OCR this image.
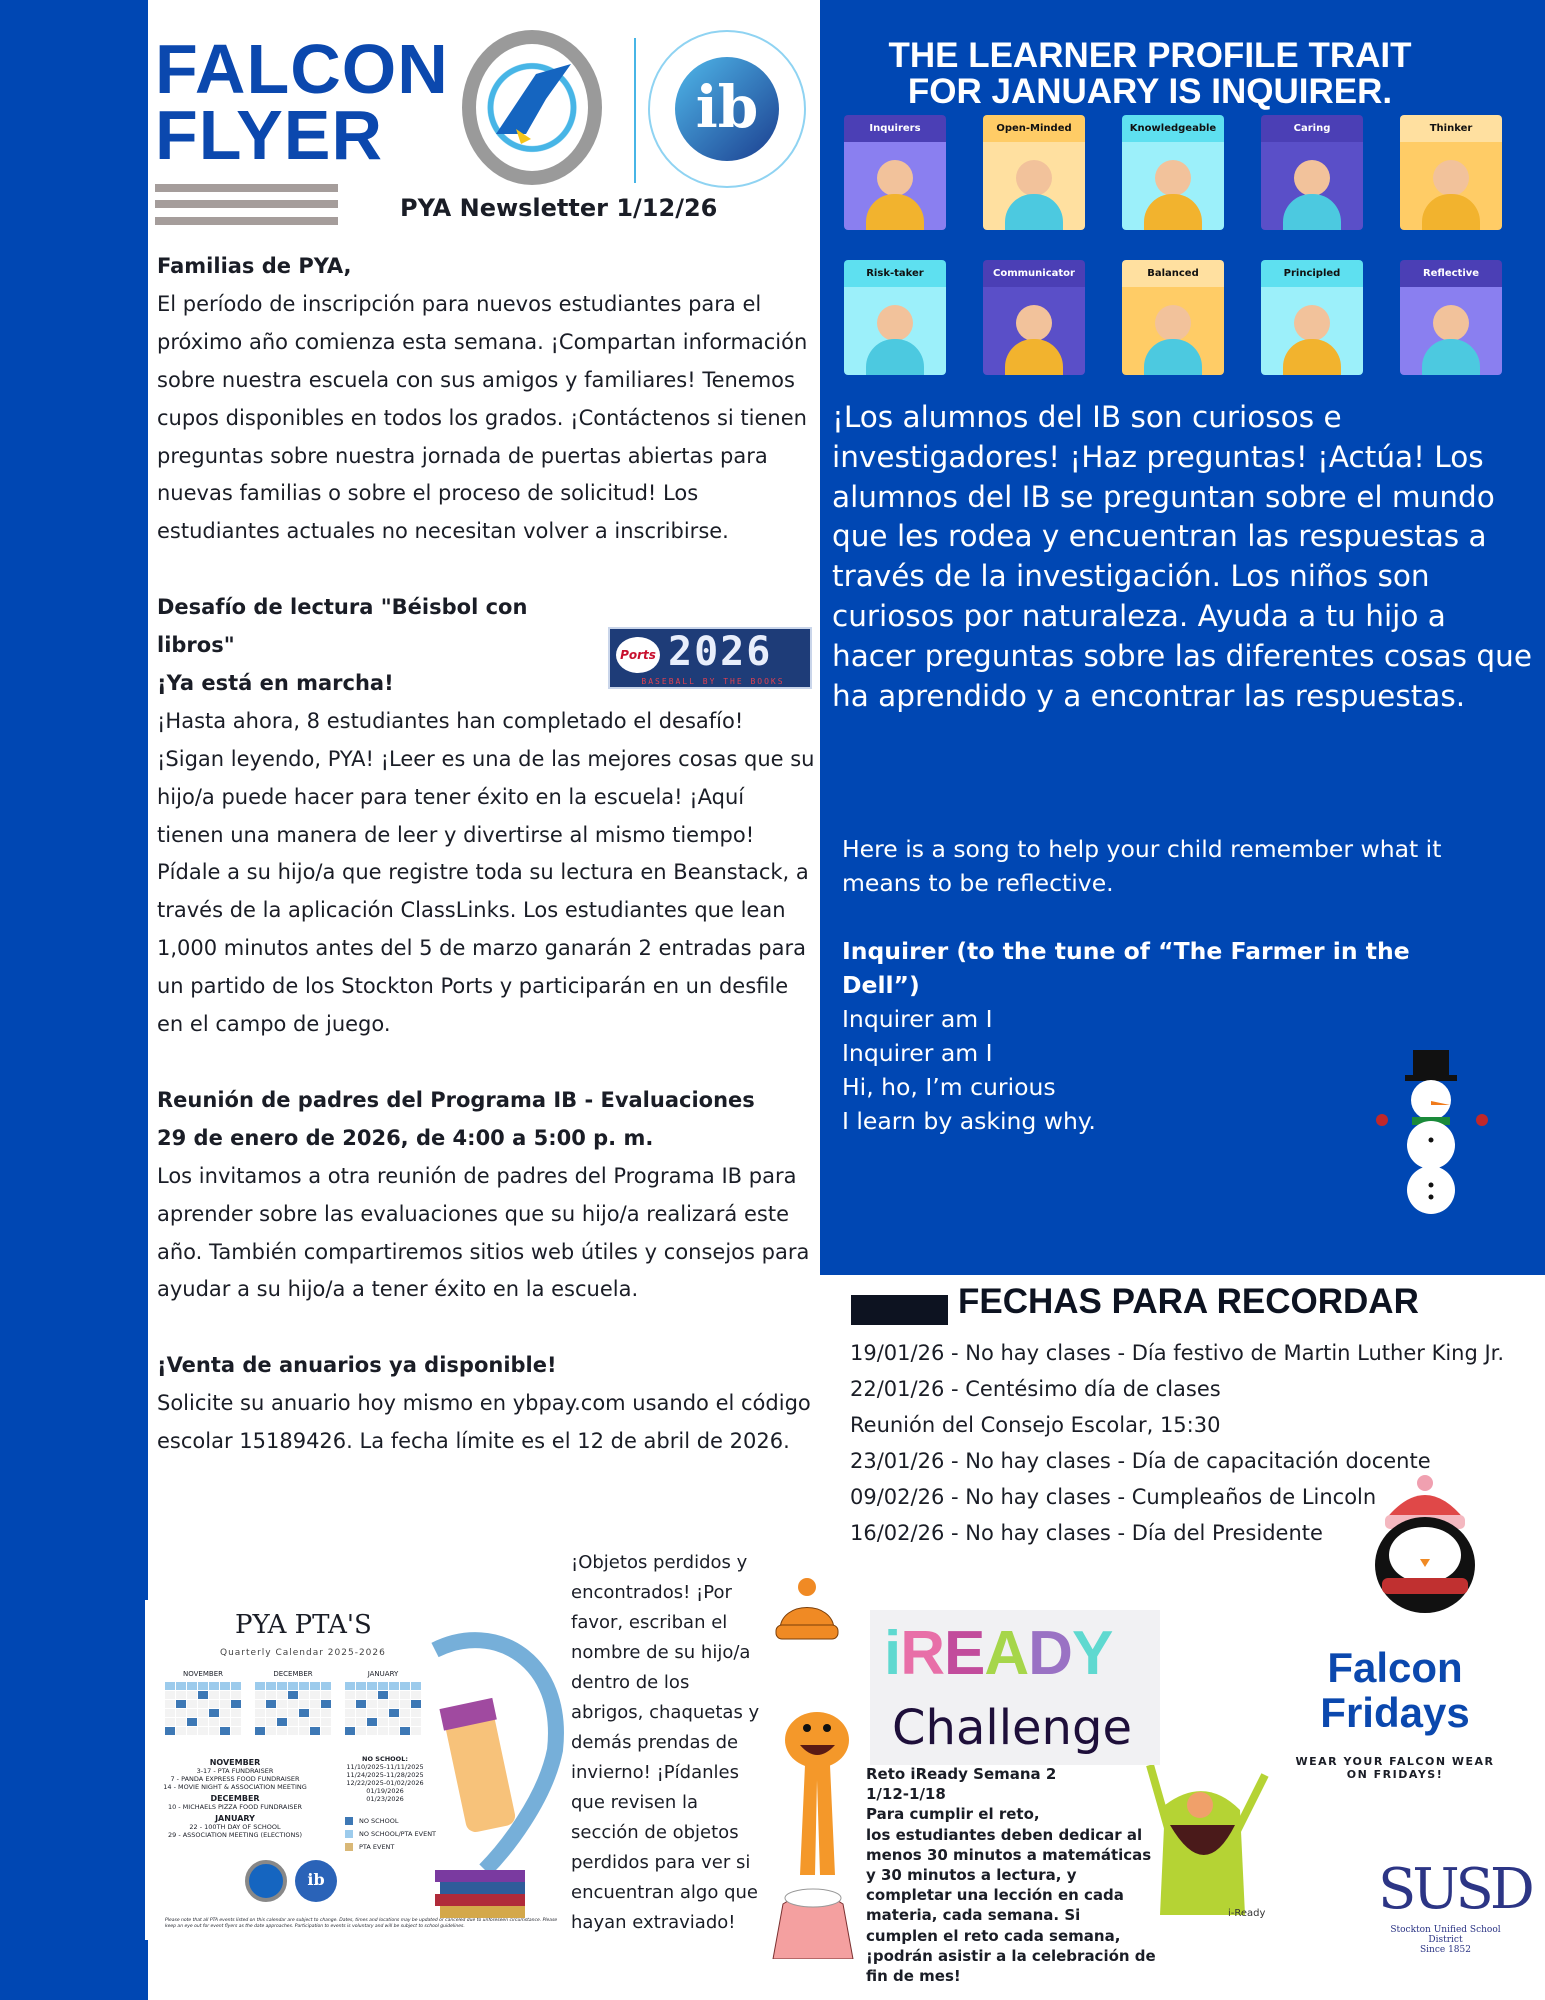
FALCON
FLYER	ib
PYA Newsletter 1/12/26

Familias de PYA,

El período de inscripción para nuevos estudiantes para el próximo año comienza esta semana. ¡Compartan información sobre nuestra escuela con sus amigos y familiares! Tenemos cupos disponibles en todos los grados. ¡Contáctenos si tienen preguntas sobre nuestra jornada de puertas abiertas para nuevas familias o sobre el proceso de solicitud! Los estudiantes actuales no necesitan volver a inscribirse.

Desafío de lectura "Béisbol con libros"

¡Ya está en marcha!

¡Hasta ahora, 8 estudiantes han completado el desafío! ¡Sigan leyendo, PYA! ¡Leer es una de las mejores cosas que su hijo/a puede hacer para tener éxito en la escuela! ¡Aquí tienen una manera de leer y divertirse al mismo tiempo! Pídale a su hijo/a que registre toda su lectura en Beanstack, a través de la aplicación ClassLinks. Los estudiantes que lean 1,000 minutos antes del 5 de marzo ganarán 2 entradas para un partido de los Stockton Ports y participarán en un desfile en el campo de juego.

Reunión de padres del Programa IB - Evaluaciones

29 de enero de 2026, de 4:00 a 5:00 p. m.

Los invitamos a otra reunión de padres del Programa IB para aprender sobre las evaluaciones que su hijo/a realizará este año. También compartiremos sitios web útiles y consejos para ayudar a su hijo/a a tener éxito en la escuela.

¡Venta de anuarios ya disponible!

Solicite su anuario hoy mismo en ybpay.com usando el código escolar 15189426. La fecha límite es el 12 de abril de 2026.

Ports 2026
BASEBALL BY THE BOOKS
PYA PTA'S
Quarterly Calendar 2025-2026
NOVEMBER	DECEMBER	JANUARY
NOVEMBER
3-17 - PTA FUNDRAISER
7 - PANDA EXPRESS FOOD FUNDRAISER
14 - MOVIE NIGHT & ASSOCIATION MEETING
DECEMBER
10 - MICHAELS PIZZA FOOD FUNDRAISER
JANUARY
22 - 100TH DAY OF SCHOOL
29 - ASSOCIATION MEETING (ELECTIONS)
NO SCHOOL:
11/10/2025-11/11/2025
11/24/2025-11/28/2025
12/22/2025-01/02/2026
01/19/2026
01/23/2026
NO SCHOOL
NO SCHOOL/PTA EVENT
PTA EVENT
ib
Please note that all PTA events listed on this calendar are subject to change. Dates, times and locations may be updated or canceled due to unforeseen circumstance. Please keep an eye out for event flyers as the date approaches. Participation to events is voluntary and will be subject to school guidelines.
¡Objetos perdidos y encontrados! ¡Por favor, escriban el nombre de su hijo/a dentro de los abrigos, chaquetas y demás prendas de invierno! ¡Pídanles que revisen la sección de objetos perdidos para ver si encuentran algo que hayan extraviado!
THE LEARNER PROFILE TRAIT
FOR JANUARY IS INQUIRER.
Inquirers	Open-Minded	Knowledgeable	Caring	Thinker
Risk-taker	Communicator	Balanced	Principled	Reflective
¡Los alumnos del IB son curiosos e investigadores! ¡Haz preguntas! ¡Actúa! Los alumnos del IB se preguntan sobre el mundo que les rodea y encuentran las respuestas a través de la investigación. Los niños son curiosos por naturaleza. Ayuda a tu hijo a hacer preguntas sobre las diferentes cosas que ha aprendido y a encontrar las respuestas.
Here is a song to help your child remember what it means to be reflective.
Inquirer (to the tune of “The Farmer in the Dell”)
Inquirer am I
Inquirer am I
Hi, ho, I’m curious
I learn by asking why.
FECHAS PARA RECORDAR
19/01/26 - No hay clases - Día festivo de Martin Luther King Jr.
22/01/26 - Centésimo día de clases
Reunión del Consejo Escolar, 15:30
23/01/26 - No hay clases - Día de capacitación docente
09/02/26 - No hay clases - Cumpleaños de Lincoln
16/02/26 - No hay clases - Día del Presidente
iREADY
Challenge
Reto iReady Semana 2
1/12-1/18
Para cumplir el reto,
los estudiantes deben dedicar al menos 30 minutos a matemáticas y 30 minutos a lectura, y completar una lección en cada materia, cada semana. Si cumplen el reto cada semana, ¡podrán asistir a la celebración de fin de mes!
i-Ready
Falcon
Fridays
WEAR YOUR FALCON WEAR ON FRIDAYS!
SUSD
Stockton Unified School District
Since 1852
